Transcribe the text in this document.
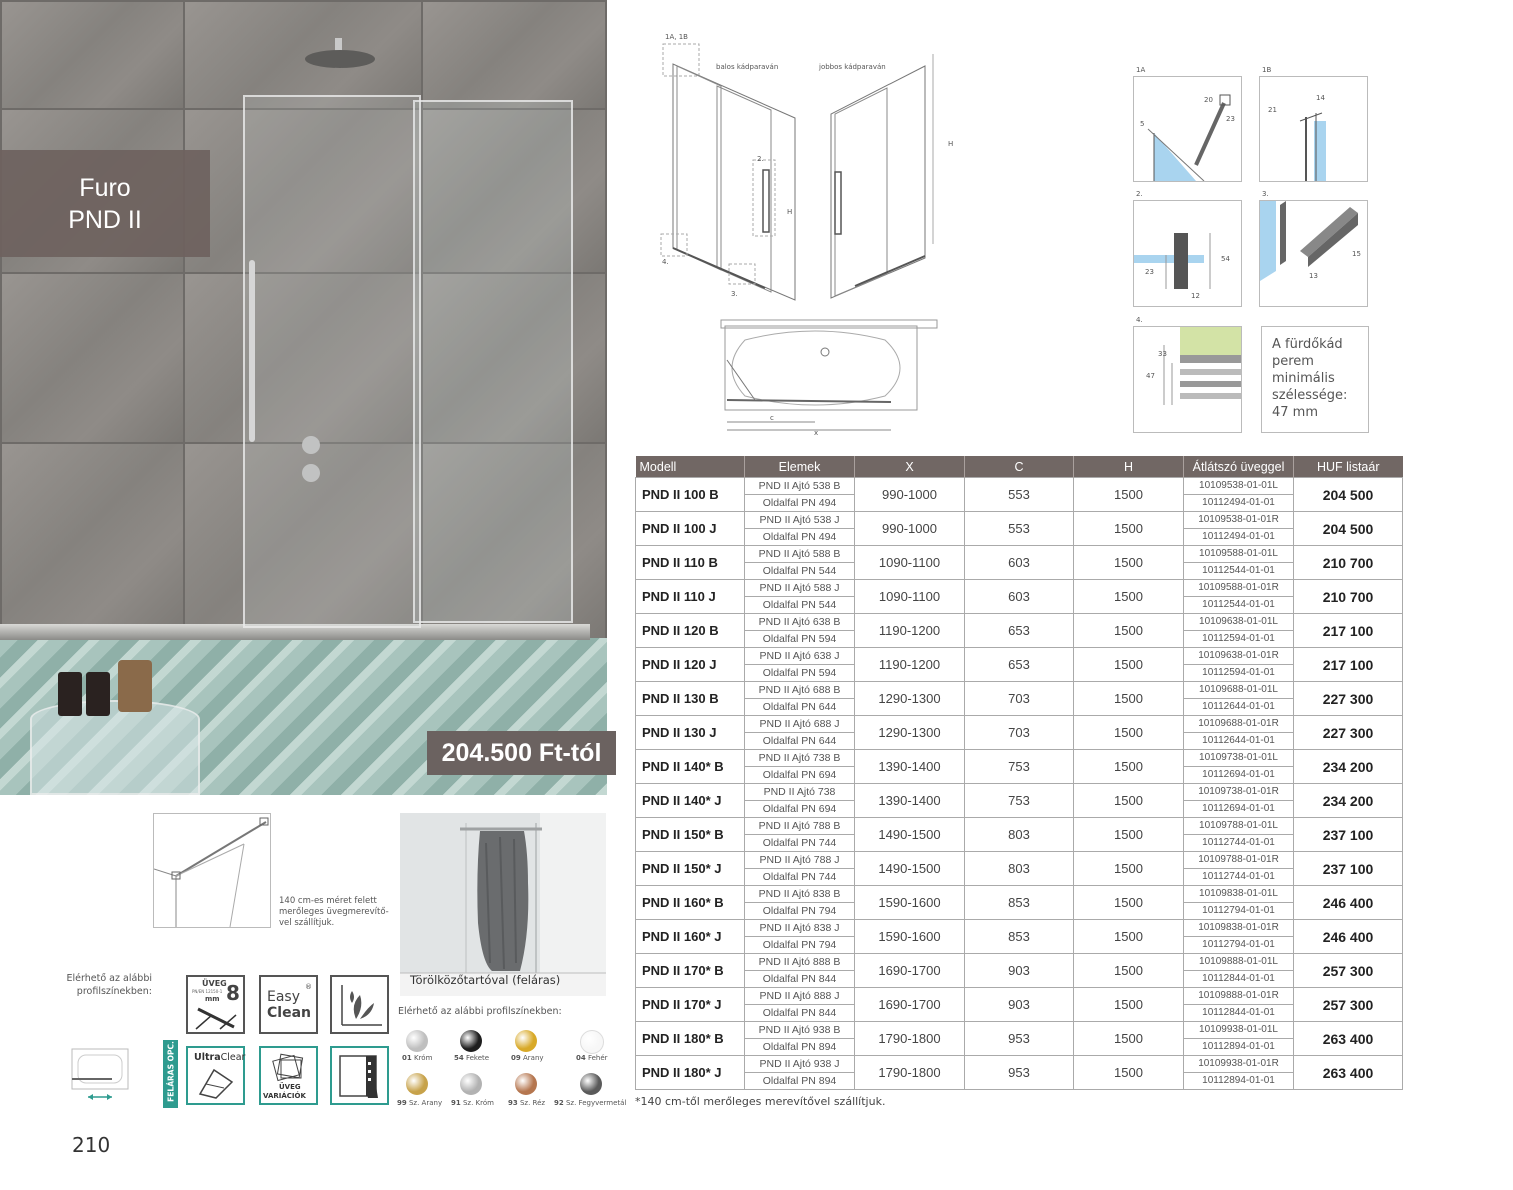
Furo
PND II
204.500 Ft-tól
140 cm-es méret felett merőleges üvegmerevítő-vel szállítjuk.
Törölközőtartóval (feláras)
Elérhető az alábbi profilszínekben:
ÜVEG
PN/EN 12150-1
mm 8 Easy
®
Clean
FELÁRAS OPC. UltraClear
ÜVEG
VARIÁCIÓK
Elérhető az alábbi profilszínekben:
01 Króm	54 Fekete	09 Arany	04 Fehér
99 Sz. Arany 91 Sz. Króm 93 Sz. Réz 92 Sz. Fegyvermetál
210
1A, 1B
balos kádparaván	jobbos kádparaván
2.
4.
3.
H
H
c
x
1A	1B
20
23
5
14
21
2.	3.
23
54
12
15
13
4.
47
33
A fürdőkád perem minimális szélessége: 47 mm
Modell	Elemek	X	C	H	Átlátszó üveggel	HUF listaár
PND II 100 B	PND II Ajtó 538 B	990-1000	553	1500	10109538-01-01L	204 500
	Oldalfal PN 494				10112494-01-01	
PND II 100 J	PND II Ajtó 538 J	990-1000	553	1500	10109538-01-01R	204 500
	Oldalfal PN 494				10112494-01-01	
PND II 110 B	PND II Ajtó 588 B	1090-1100	603	1500	10109588-01-01L	210 700
	Oldalfal PN 544				10112544-01-01	
PND II 110 J	PND II Ajtó 588 J	1090-1100	603	1500	10109588-01-01R	210 700
	Oldalfal PN 544				10112544-01-01	
PND II 120 B	PND II Ajtó 638 B	1190-1200	653	1500	10109638-01-01L	217 100
	Oldalfal PN 594				10112594-01-01	
PND II 120 J	PND II Ajtó 638 J	1190-1200	653	1500	10109638-01-01R	217 100
	Oldalfal PN 594				10112594-01-01	
PND II 130 B	PND II Ajtó 688 B	1290-1300	703	1500	10109688-01-01L	227 300
	Oldalfal PN 644				10112644-01-01	
PND II 130 J	PND II Ajtó 688 J	1290-1300	703	1500	10109688-01-01R	227 300
	Oldalfal PN 644				10112644-01-01	
PND II 140* B	PND II Ajtó 738 B	1390-1400	753	1500	10109738-01-01L	234 200
	Oldalfal PN 694				10112694-01-01	
PND II 140* J	PND II Ajtó 738	1390-1400	753	1500	10109738-01-01R	234 200
	Oldalfal PN 694				10112694-01-01	
PND II 150* B	PND II Ajtó 788 B	1490-1500	803	1500	10109788-01-01L	237 100
	Oldalfal PN 744				10112744-01-01	
PND II 150* J	PND II Ajtó 788 J	1490-1500	803	1500	10109788-01-01R	237 100
	Oldalfal PN 744				10112744-01-01	
PND II 160* B	PND II Ajtó 838 B	1590-1600	853	1500	10109838-01-01L	246 400
	Oldalfal PN 794				10112794-01-01	
PND II 160* J	PND II Ajtó 838 J	1590-1600	853	1500	10109838-01-01R	246 400
	Oldalfal PN 794				10112794-01-01	
PND II 170* B	PND II Ajtó 888 B	1690-1700	903	1500	10109888-01-01L	257 300
	Oldalfal PN 844				10112844-01-01	
PND II 170* J	PND II Ajtó 888 J	1690-1700	903	1500	10109888-01-01R	257 300
	Oldalfal PN 844				10112844-01-01	
PND II 180* B	PND II Ajtó 938 B	1790-1800	953	1500	10109938-01-01L	263 400
	Oldalfal PN 894				10112894-01-01	
PND II 180* J	PND II Ajtó 938 J	1790-1800	953	1500	10109938-01-01R	263 400
	Oldalfal PN 894				10112894-01-01	
*140 cm-től merőleges merevítővel szállítjuk.
